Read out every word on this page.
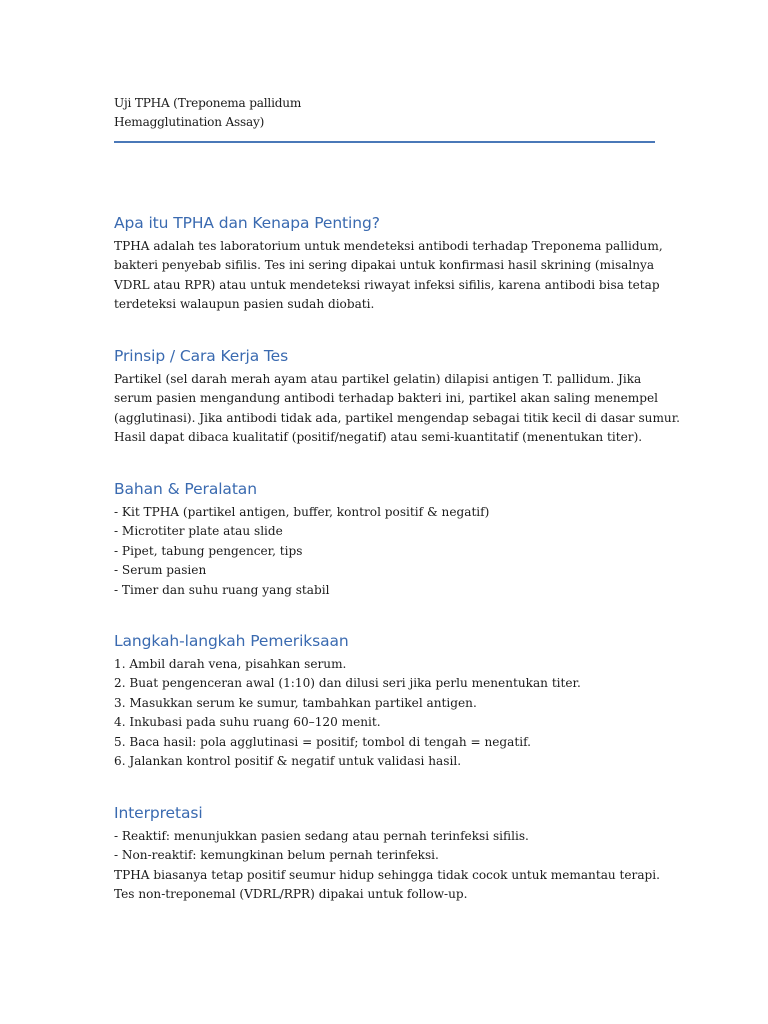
Uji TPHA (Treponema pallidum
Hemagglutination Assay)
Apa itu TPHA dan Kenapa Penting?
TPHA adalah tes laboratorium untuk mendeteksi antibodi terhadap Treponema pallidum,
bakteri penyebab sifilis. Tes ini sering dipakai untuk konfirmasi hasil skrining (misalnya
VDRL atau RPR) atau untuk mendeteksi riwayat infeksi sifilis, karena antibodi bisa tetap
terdeteksi walaupun pasien sudah diobati.
Prinsip / Cara Kerja Tes
Partikel (sel darah merah ayam atau partikel gelatin) dilapisi antigen T. pallidum. Jika
serum pasien mengandung antibodi terhadap bakteri ini, partikel akan saling menempel
(agglutinasi). Jika antibodi tidak ada, partikel mengendap sebagai titik kecil di dasar sumur.
Hasil dapat dibaca kualitatif (positif/negatif) atau semi-kuantitatif (menentukan titer).
Bahan & Peralatan
- Kit TPHA (partikel antigen, buffer, kontrol positif & negatif)
- Microtiter plate atau slide
- Pipet, tabung pengencer, tips
- Serum pasien
- Timer dan suhu ruang yang stabil
Langkah-langkah Pemeriksaan
1. Ambil darah vena, pisahkan serum.
2. Buat pengenceran awal (1:10) dan dilusi seri jika perlu menentukan titer.
3. Masukkan serum ke sumur, tambahkan partikel antigen.
4. Inkubasi pada suhu ruang 60–120 menit.
5. Baca hasil: pola agglutinasi = positif; tombol di tengah = negatif.
6. Jalankan kontrol positif & negatif untuk validasi hasil.
Interpretasi
- Reaktif: menunjukkan pasien sedang atau pernah terinfeksi sifilis.
- Non-reaktif: kemungkinan belum pernah terinfeksi.
TPHA biasanya tetap positif seumur hidup sehingga tidak cocok untuk memantau terapi.
Tes non-treponemal (VDRL/RPR) dipakai untuk follow-up.
